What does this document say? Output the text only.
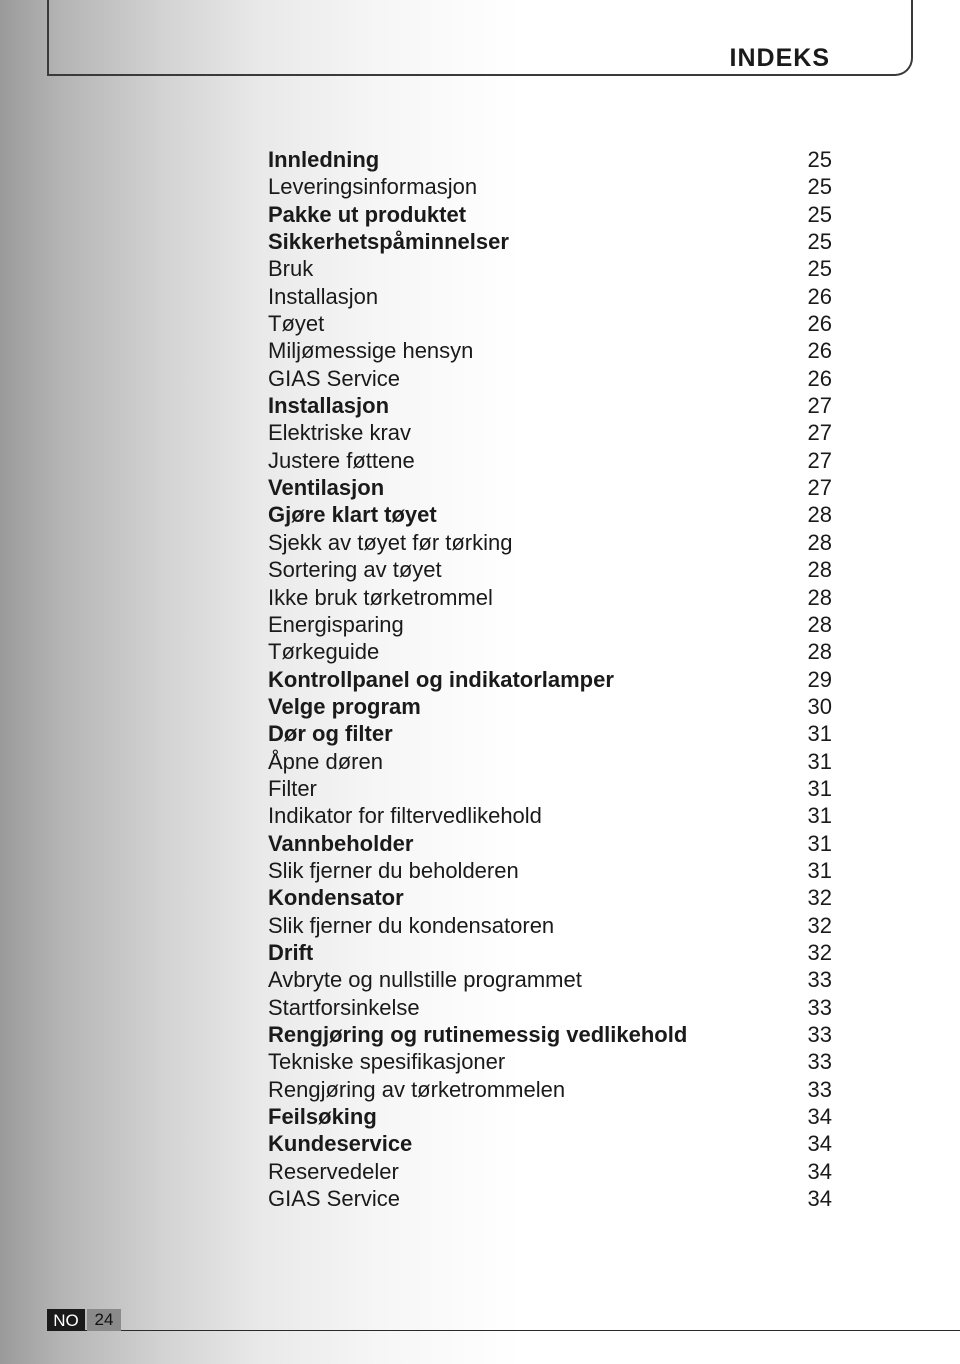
INDEKS
Innledning	25
Leveringsinformasjon	25
Pakke ut produktet	25
Sikkerhetspåminnelser	25
Bruk	25
Installasjon	26
Tøyet	26
Miljømessige hensyn	26
GIAS Service	26
Installasjon	27
Elektriske krav	27
Justere føttene	27
Ventilasjon	27
Gjøre klart tøyet	28
Sjekk av tøyet før tørking	28
Sortering av tøyet	28
Ikke bruk tørketrommel	28
Energisparing	28
Tørkeguide	28
Kontrollpanel og indikatorlamper	29
Velge program	30
Dør og filter	31
Åpne døren	31
Filter	31
Indikator for filtervedlikehold	31
Vannbeholder	31
Slik fjerner du beholderen	31
Kondensator	32
Slik fjerner du kondensatoren	32
Drift	32
Avbryte og nullstille programmet	33
Startforsinkelse	33
Rengjøring og rutinemessig vedlikehold	33
Tekniske spesifikasjoner	33
Rengjøring av tørketrommelen	33
Feilsøking	34
Kundeservice	34
Reservedeler	34
GIAS Service	34
NO 24
